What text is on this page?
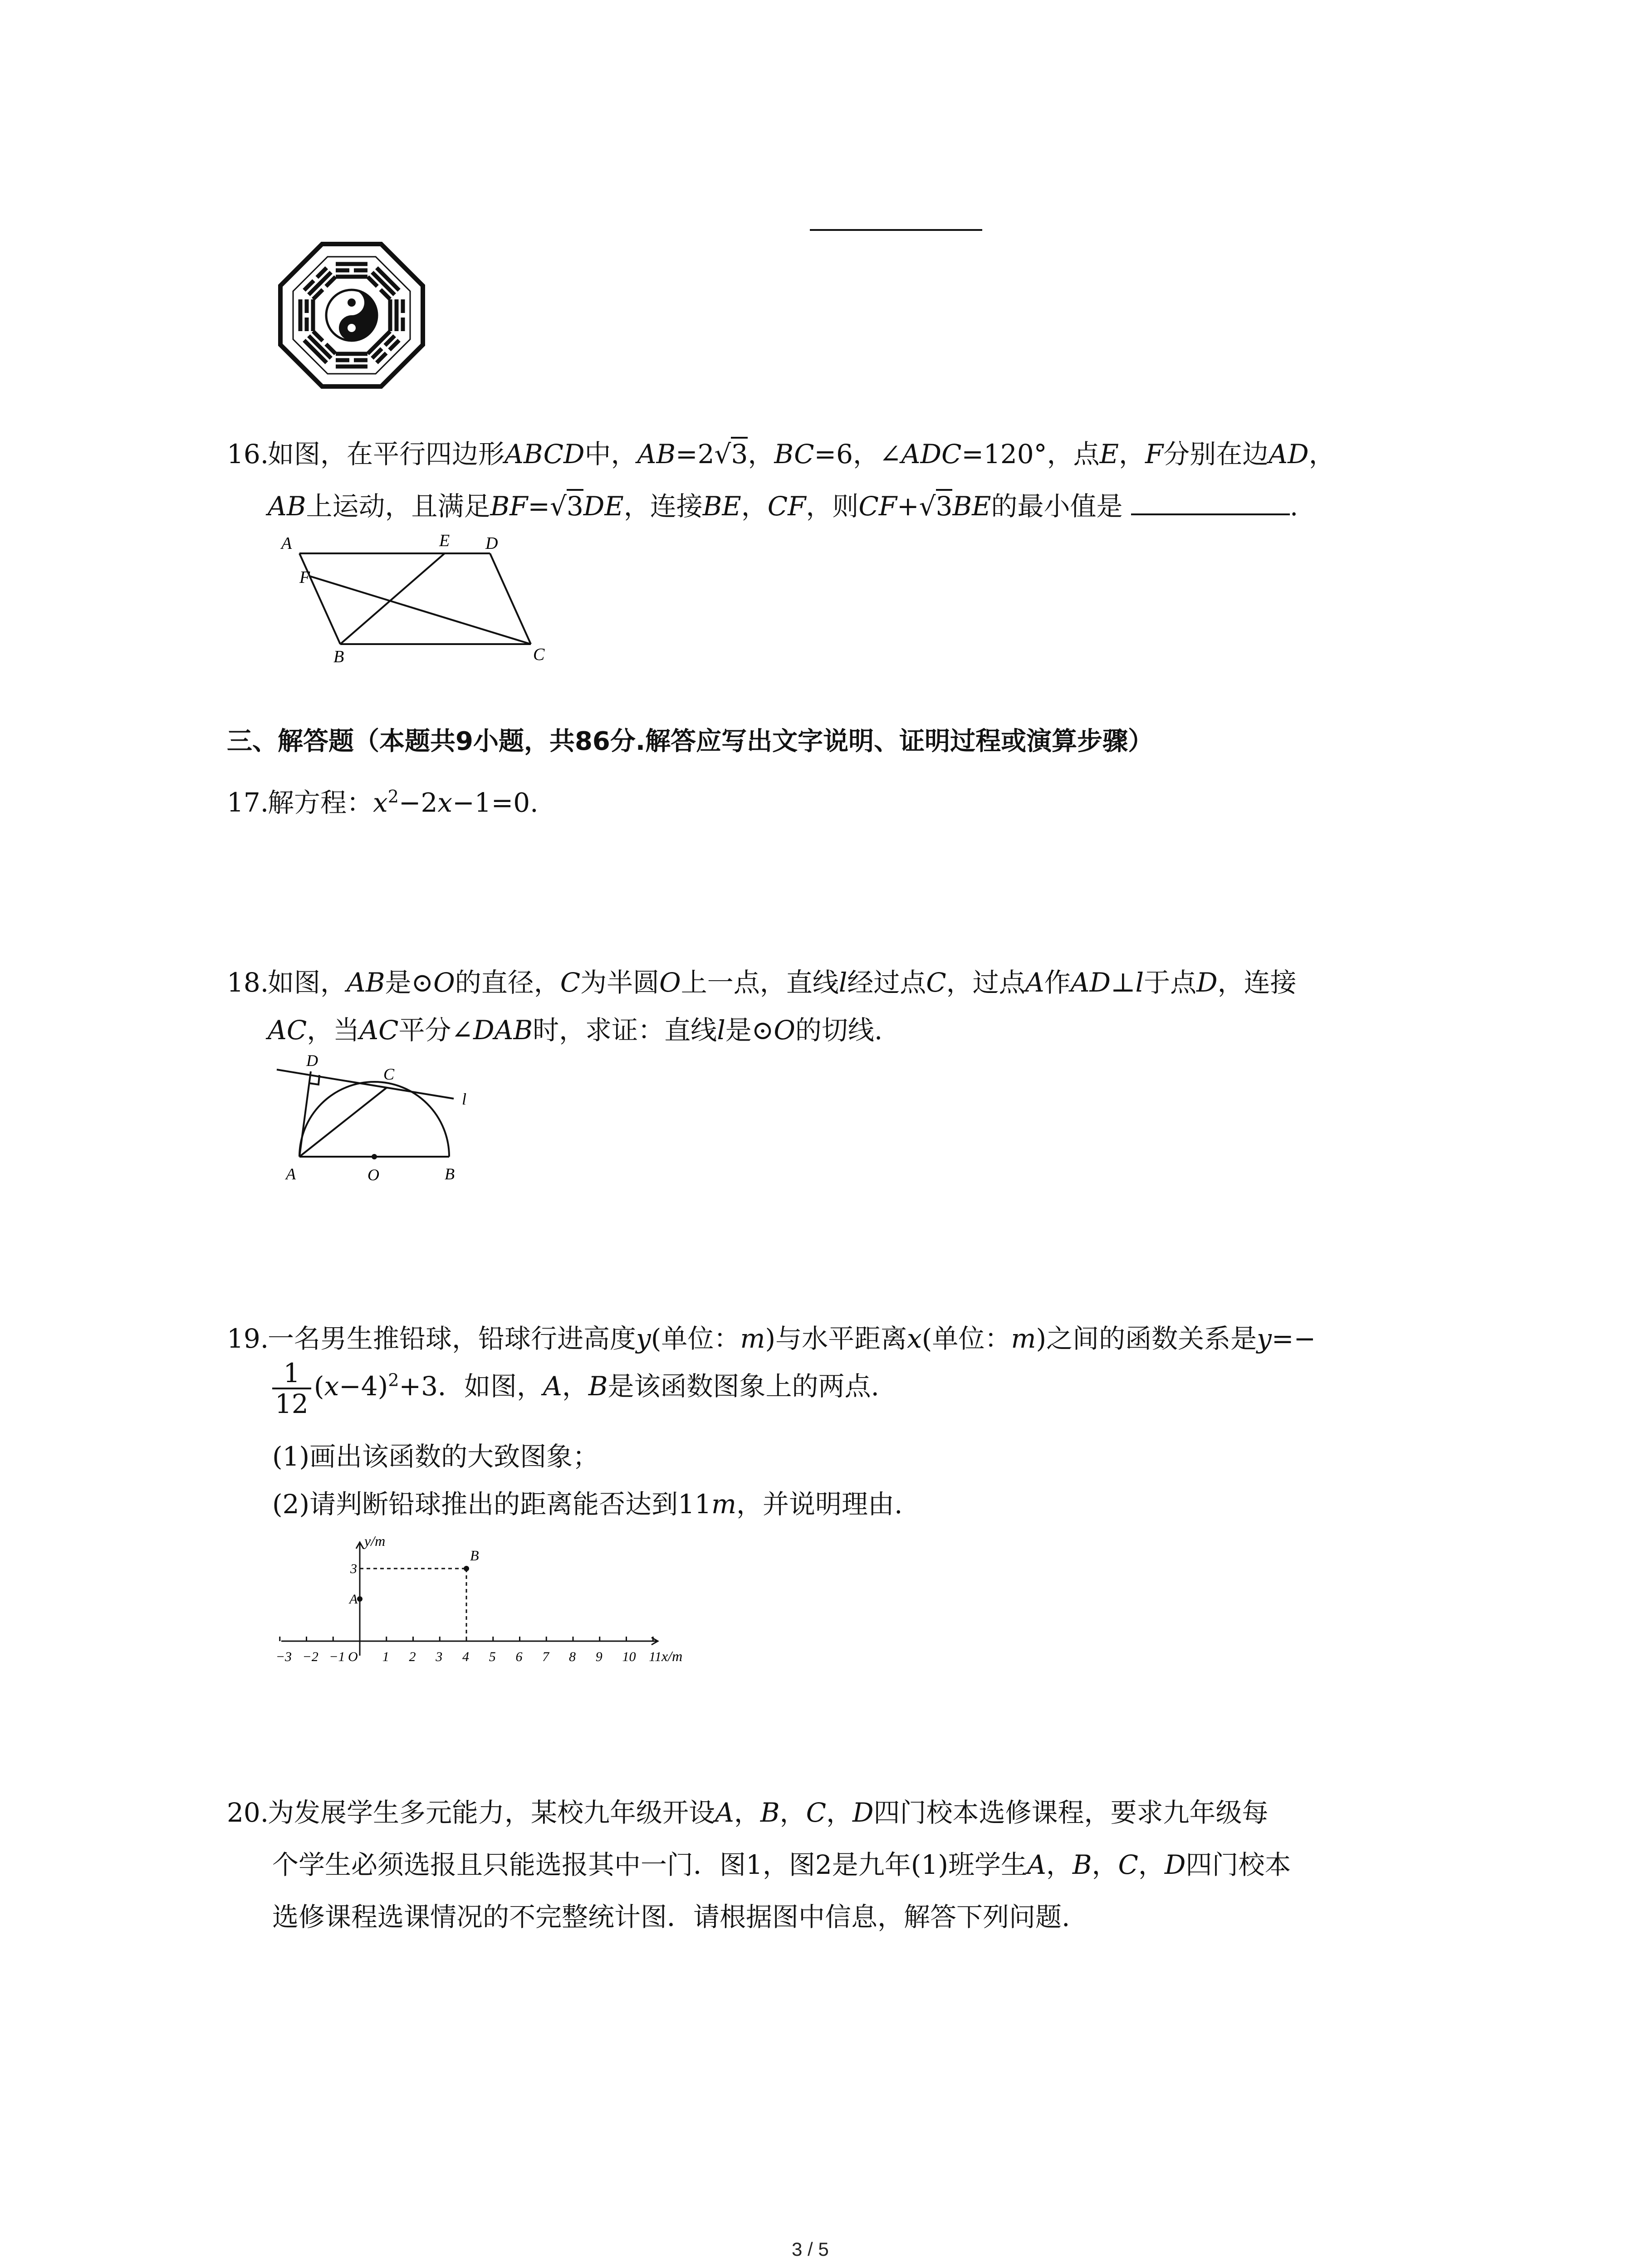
16.如图，在平行四边形ABCD中，AB=2√3，BC=6，∠ADC=120°，点E，F分别在边AD，
AB上运动，且满足BF=√3DE，连接BE，CF，则CF+√3BE的最小值是	.
A	E D
F
B	C
三、解答题（本题共9小题，共86分.解答应写出文字说明、证明过程或演算步骤）
17.解方程：$x^2-2x-1=0$.
18.如图，AB是⊙O的直径，C为半圆O上一点，直线l经过点C，过点A作AD⊥l于点D，连接
AC，当AC平分∠DAB时，求证：直线l是⊙O的切线.
D
C
l
A	O	B
19.一名男生推铅球，铅球行进高度y(单位：m)与水平距离x(单位：m)之间的函数关系是y=−
$\frac{1}{12} (x-4)^2+3$．如图，A，B是该函数图象上的两点.
(1)画出该函数的大致图象；
(2)请判断铅球推出的距离能否达到11m，并说明理由.
−3 −2 −1 O 1 2 3 4 5 6 7 8 9 10 11
y/m
x/m
3
A
B
20.为发展学生多元能力，某校九年级开设A，B，C，D四门校本选修课程，要求九年级每
个学生必须选报且只能选报其中一门．图1，图2是九年(1)班学生A，B，C，D四门校本
选修课程选课情况的不完整统计图．请根据图中信息，解答下列问题.
3 / 5
